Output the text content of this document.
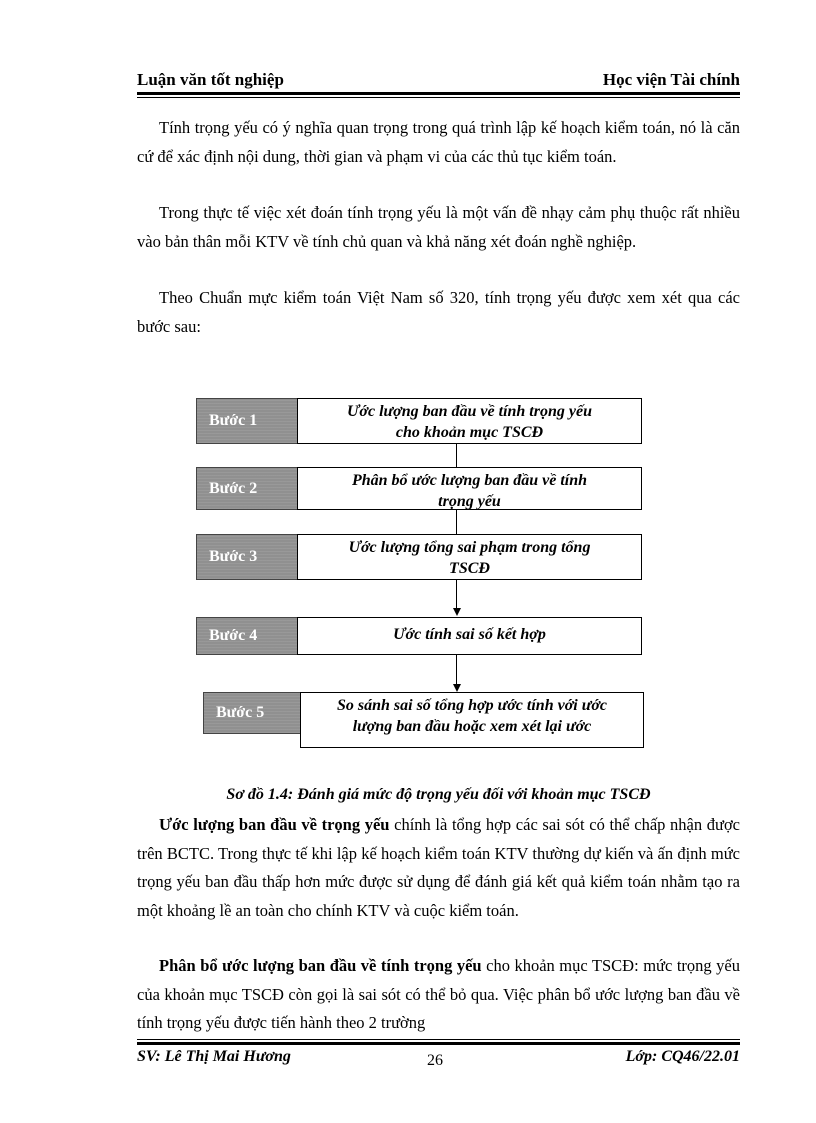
Luận văn tốt nghiệp	Học viện Tài chính

Tính trọng yếu có ý nghĩa quan trọng trong quá trình lập kế hoạch kiểm toán, nó là căn cứ để xác định nội dung, thời gian và phạm vi của các thủ tục kiểm toán.

Trong thực tế việc xét đoán tính trọng yếu là một vấn đề nhạy cảm phụ thuộc rất nhiều vào bản thân mỗi KTV về tính chủ quan và khả năng xét đoán nghề nghiệp.

Theo Chuẩn mực kiểm toán Việt Nam số 320, tính trọng yếu được xem xét qua các bước sau:

Bước 1
Ước lượng ban đầu về tính trọng yếu
cho khoản mục TSCĐ
Bước 2	Phân bổ ước lượng ban đầu về tính
trọng yếu
Bước 3
Ước lượng tổng sai phạm trong tổng
TSCĐ
Bước 4	Ước tính sai số kết hợp
Bước 5	So sánh sai số tổng hợp ước tính với ước
lượng ban đầu hoặc xem xét lại ước
Sơ đồ 1.4: Đánh giá mức độ trọng yếu đối với khoản mục TSCĐ

Ước lượng ban đầu về trọng yếu chính là tổng hợp các sai sót có thể chấp nhận được trên BCTC. Trong thực tế khi lập kế hoạch kiểm toán KTV thường dự kiến và ấn định mức trọng yếu ban đầu thấp hơn mức được sử dụng để đánh giá kết quả kiểm toán nhằm tạo ra một khoảng lề an toàn cho chính KTV và cuộc kiểm toán.

Phân bổ ước lượng ban đầu về tính trọng yếu cho khoản mục TSCĐ: mức trọng yếu của khoản mục TSCĐ còn gọi là sai sót có thể bỏ qua. Việc phân bổ ước lượng ban đầu về tính trọng yếu được tiến hành theo 2 trường

SV: Lê Thị Mai Hương	26	Lớp: CQ46/22.01
